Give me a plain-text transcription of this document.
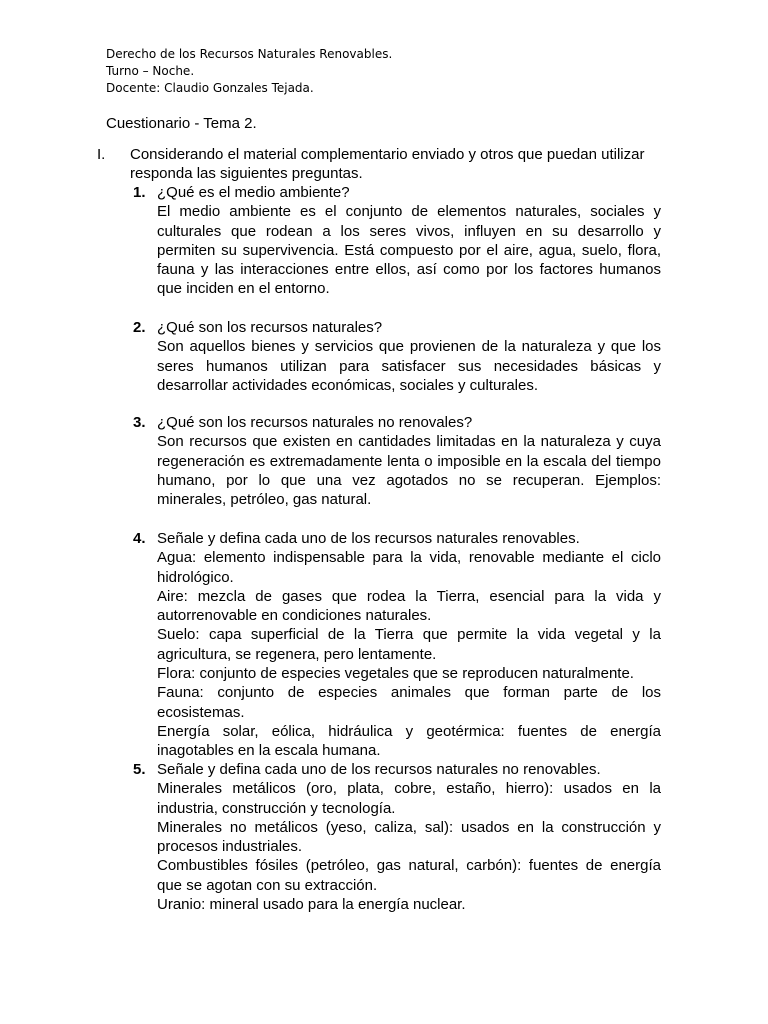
Derecho de los Recursos Naturales Renovables.
Turno – Noche.
Docente: Claudio Gonzales Tejada.
Cuestionario - Tema 2.
I. Considerando el material complementario enviado y otros que puedan utilizar responda las siguientes preguntas.
1. ¿Qué es el medio ambiente?

El medio ambiente es el conjunto de elementos naturales, sociales y culturales que rodean a los seres vivos, influyen en su desarrollo y permiten su supervivencia. Está compuesto por el aire, agua, suelo, flora, fauna y las interacciones entre ellos, así como por los factores humanos que inciden en el entorno.

2. ¿Qué son los recursos naturales?

Son aquellos bienes y servicios que provienen de la naturaleza y que los seres humanos utilizan para satisfacer sus necesidades básicas y desarrollar actividades económicas, sociales y culturales.

3. ¿Qué son los recursos naturales no renovales?

Son recursos que existen en cantidades limitadas en la naturaleza y cuya regeneración es extremadamente lenta o imposible en la escala del tiempo humano, por lo que una vez agotados no se recuperan. Ejemplos: minerales, petróleo, gas natural.

4. Señale y defina cada uno de los recursos naturales renovables.

Agua: elemento indispensable para la vida, renovable mediante el ciclo hidrológico.

Aire: mezcla de gases que rodea la Tierra, esencial para la vida y autorrenovable en condiciones naturales.

Suelo: capa superficial de la Tierra que permite la vida vegetal y la agricultura, se regenera, pero lentamente.

Flora: conjunto de especies vegetales que se reproducen naturalmente.

Fauna: conjunto de especies animales que forman parte de los ecosistemas.

Energía solar, eólica, hidráulica y geotérmica: fuentes de energía inagotables en la escala humana.

5. Señale y defina cada uno de los recursos naturales no renovables.

Minerales metálicos (oro, plata, cobre, estaño, hierro): usados en la industria, construcción y tecnología.

Minerales no metálicos (yeso, caliza, sal): usados en la construcción y procesos industriales.

Combustibles fósiles (petróleo, gas natural, carbón): fuentes de energía que se agotan con su extracción.

Uranio: mineral usado para la energía nuclear.
